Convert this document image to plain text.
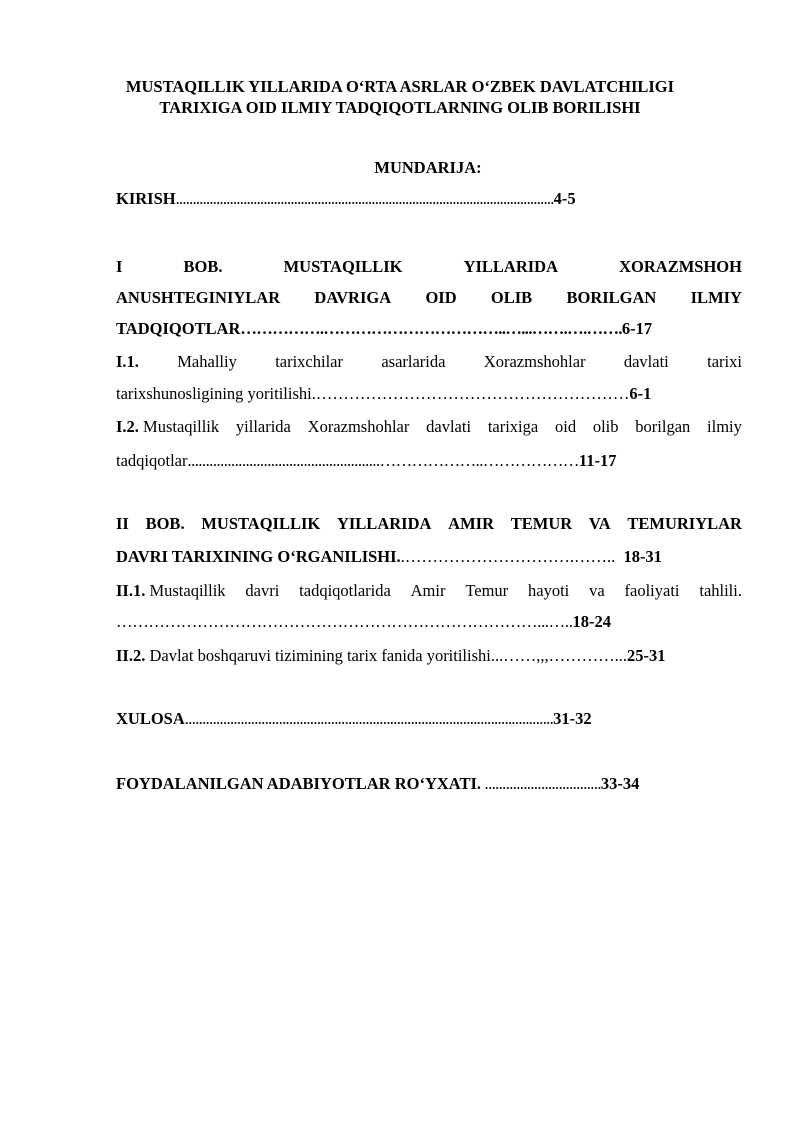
MUSTAQILLIK YILLARIDA O‘RTA ASRLAR O‘ZBEK DAVLATCHILIGI TARIXIGA OID ILMIY TADQIQOTLARNING OLIB BORILISHI
MUNDARIJA:
KIRISH................................................................................................................4-5
I	BOB.	MUSTAQILLIK	YILLARIDA	XORAZMSHOH
ANUSHTEGINIYLAR DAVRIGA OID OLIB BORILGAN ILMIY
TADQIQOTLAR…………….……………………………..…...…….….…….6-17
I.1. Mahalliy tarixchilar asarlarida Xorazmshohlar davlati tarixi
tarixshunosligining yoritilishi.…………………………………………………6-1
I.2. Mustaqillik yillarida Xorazmshohlar davlati tarixiga oid olib borilgan ilmiy
tadqiqotlar.....................................................………………..………………11-17
II BOB. MUSTAQILLIK YILLARIDA AMIR TEMUR VA TEMURIYLAR
DAVRI TARIXINING O‘RGANILISHI..………………………….…….. 18-31
II.1. Mustaqillik davri tadqiqotlarida Amir Temur hayoti va faoliyati tahlili.
……………………………………………………………………...…..18-24
II.2. Davlat boshqaruvi tizimining tarix fanida yoritilishi...……,,,…………...25-31
XULOSA..........................................................................................................31-32
FOYDALANILGAN ADABIYOTLAR RO‘YXATI. .................................33-34
